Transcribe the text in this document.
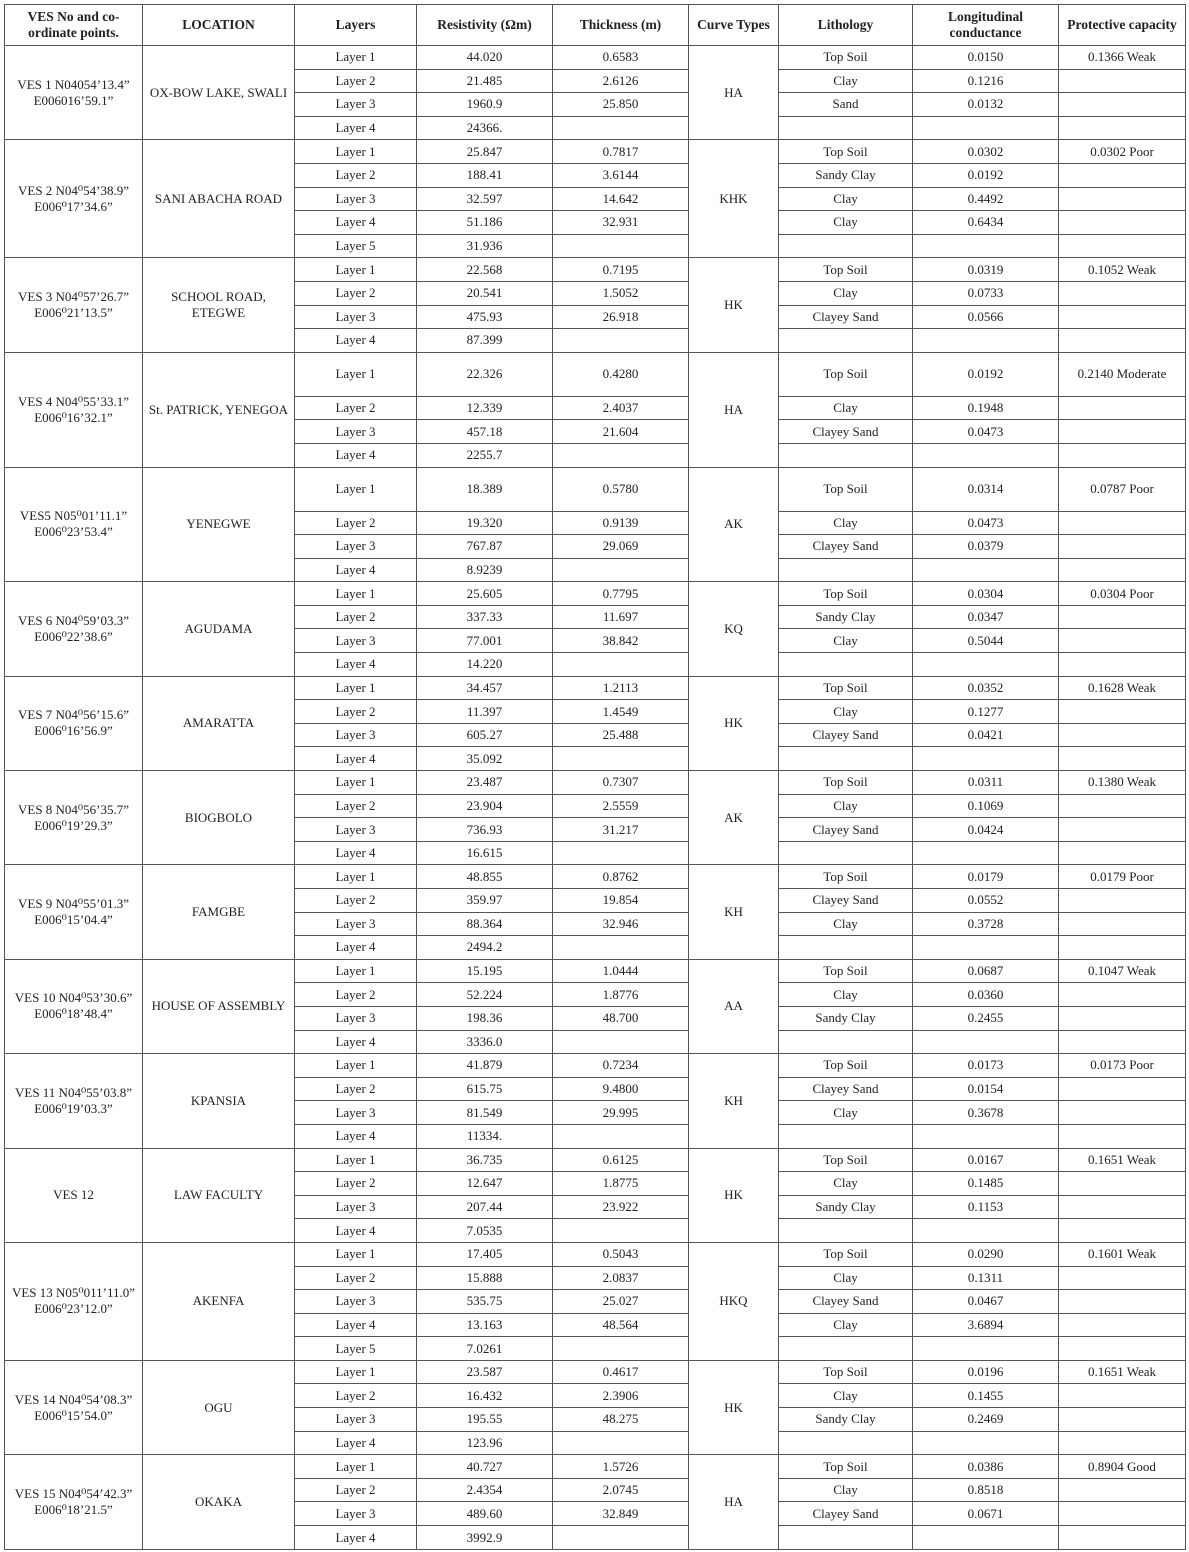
VES No and co-ordinate points.	LOCATION	Layers	Resistivity (Ωm)	Thickness (m)	Curve Types	Lithology	Longitudinal conductance	Protective capacity
VES 1 N04054’13.4” E006016’59.1”	OX-BOW LAKE, SWALI	Layer 1	44.020	0.6583	HA	Top Soil	0.0150	0.1366 Weak
		Layer 2	21.485	2.6126		Clay	0.1216	
		Layer 3	1960.9	25.850		Sand	0.0132	
		Layer 4	24366.					
VES 2 N04⁰54’38.9” E006⁰17’34.6”	SANI ABACHA ROAD	Layer 1	25.847	0.7817	KHK	Top Soil	0.0302	0.0302 Poor
		Layer 2	188.41	3.6144		Sandy Clay	0.0192	
		Layer 3	32.597	14.642		Clay	0.4492	
		Layer 4	51.186	32.931		Clay	0.6434	
		Layer 5	31.936					
VES 3 N04⁰57’26.7” E006⁰21’13.5”	SCHOOL ROAD, ETEGWE	Layer 1	22.568	0.7195	HK	Top Soil	0.0319	0.1052 Weak
		Layer 2	20.541	1.5052		Clay	0.0733	
		Layer 3	475.93	26.918		Clayey Sand	0.0566	
		Layer 4	87.399					
VES 4 N04⁰55’33.1” E006⁰16’32.1”	St. PATRICK, YENEGOA	Layer 1	22.326	0.4280	HA	Top Soil	0.0192	0.2140 Moderate
		Layer 2	12.339	2.4037		Clay	0.1948	
		Layer 3	457.18	21.604		Clayey Sand	0.0473	
		Layer 4	2255.7					
VES5 N05⁰01’11.1” E006⁰23’53.4”	YENEGWE	Layer 1	18.389	0.5780	AK	Top Soil	0.0314	0.0787 Poor
		Layer 2	19.320	0.9139		Clay	0.0473	
		Layer 3	767.87	29.069		Clayey Sand	0.0379	
		Layer 4	8.9239					
VES 6 N04⁰59’03.3” E006⁰22’38.6”	AGUDAMA	Layer 1	25.605	0.7795	KQ	Top Soil	0.0304	0.0304 Poor
		Layer 2	337.33	11.697		Sandy Clay	0.0347	
		Layer 3	77.001	38.842		Clay	0.5044	
		Layer 4	14.220					
VES 7 N04⁰56’15.6” E006⁰16’56.9”	AMARATTA	Layer 1	34.457	1.2113	HK	Top Soil	0.0352	0.1628 Weak
		Layer 2	11.397	1.4549		Clay	0.1277	
		Layer 3	605.27	25.488		Clayey Sand	0.0421	
		Layer 4	35.092					
VES 8 N04⁰56’35.7” E006⁰19’29.3”	BIOGBOLO	Layer 1	23.487	0.7307	AK	Top Soil	0.0311	0.1380 Weak
		Layer 2	23.904	2.5559		Clay	0.1069	
		Layer 3	736.93	31.217		Clayey Sand	0.0424	
		Layer 4	16.615					
VES 9 N04⁰55’01.3” E006⁰15’04.4”	FAMGBE	Layer 1	48.855	0.8762	KH	Top Soil	0.0179	0.0179 Poor
		Layer 2	359.97	19.854		Clayey Sand	0.0552	
		Layer 3	88.364	32.946		Clay	0.3728	
		Layer 4	2494.2					
VES 10 N04⁰53’30.6” E006⁰18’48.4”	HOUSE OF ASSEMBLY	Layer 1	15.195	1.0444	AA	Top Soil	0.0687	0.1047 Weak
		Layer 2	52.224	1.8776		Clay	0.0360	
		Layer 3	198.36	48.700		Sandy Clay	0.2455	
		Layer 4	3336.0					
VES 11 N04⁰55’03.8” E006⁰19’03.3”	KPANSIA	Layer 1	41.879	0.7234	KH	Top Soil	0.0173	0.0173 Poor
		Layer 2	615.75	9.4800		Clayey Sand	0.0154	
		Layer 3	81.549	29.995		Clay	0.3678	
		Layer 4	11334.					
VES 12	LAW FACULTY	Layer 1	36.735	0.6125	HK	Top Soil	0.0167	0.1651 Weak
		Layer 2	12.647	1.8775		Clay	0.1485	
		Layer 3	207.44	23.922		Sandy Clay	0.1153	
		Layer 4	7.0535					
VES 13 N05⁰011’11.0” E006⁰23’12.0”	AKENFA	Layer 1	17.405	0.5043	HKQ	Top Soil	0.0290	0.1601 Weak
		Layer 2	15.888	2.0837		Clay	0.1311	
		Layer 3	535.75	25.027		Clayey Sand	0.0467	
		Layer 4	13.163	48.564		Clay	3.6894	
		Layer 5	7.0261					
VES 14 N04⁰54’08.3” E006⁰15’54.0”	OGU	Layer 1	23.587	0.4617	HK	Top Soil	0.0196	0.1651 Weak
		Layer 2	16.432	2.3906		Clay	0.1455	
		Layer 3	195.55	48.275		Sandy Clay	0.2469	
		Layer 4	123.96					
VES 15 N04⁰54’42.3” E006⁰18’21.5”	OKAKA	Layer 1	40.727	1.5726	HA	Top Soil	0.0386	0.8904 Good
		Layer 2	2.4354	2.0745		Clay	0.8518	
		Layer 3	489.60	32.849		Clayey Sand	0.0671	
		Layer 4	3992.9					
